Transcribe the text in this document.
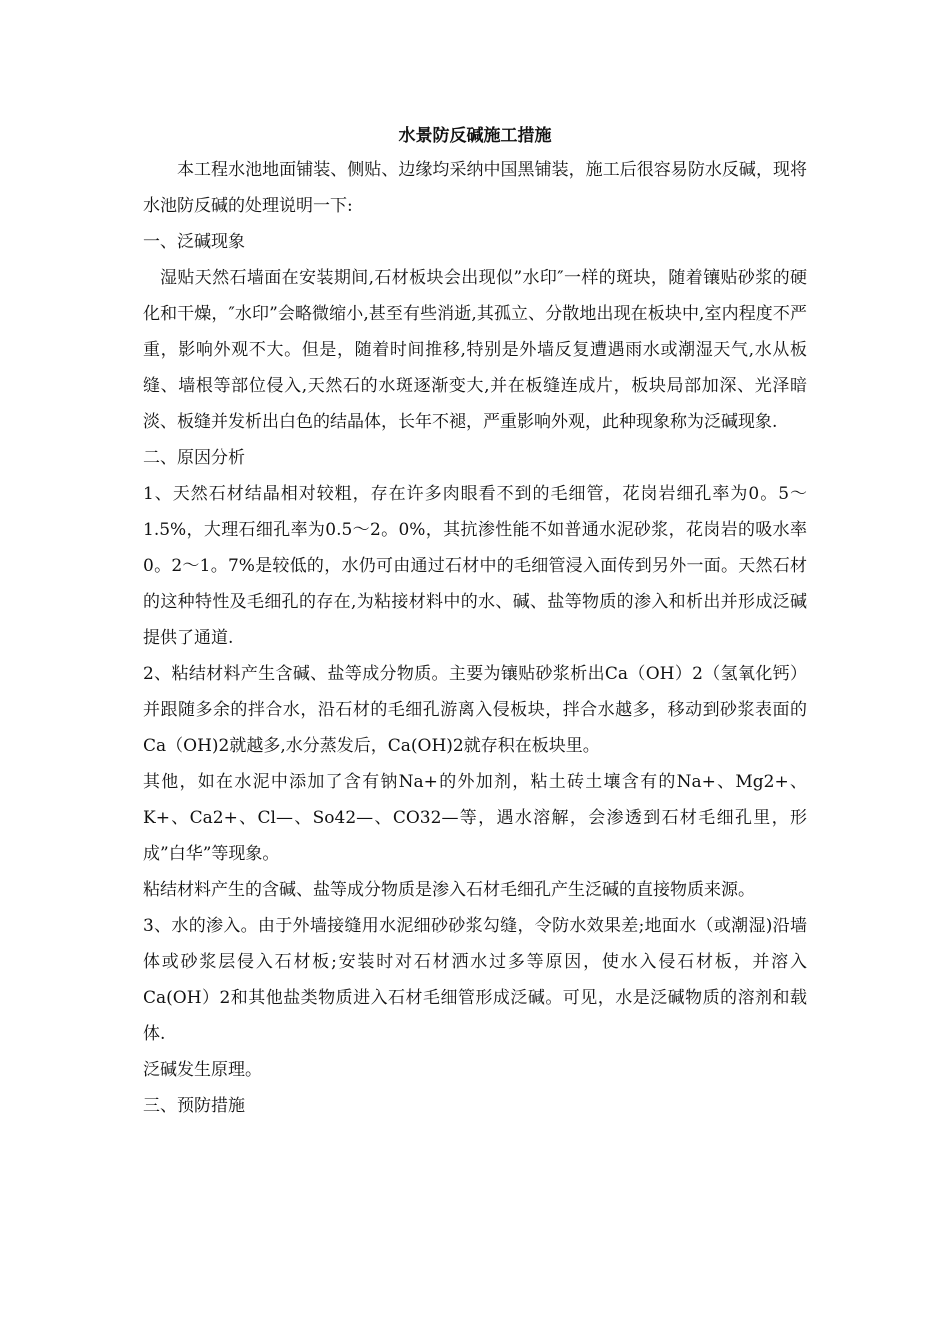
水景防反碱施工措施

本工程水池地面铺装、侧贴、边缘均采纳中国黑铺装，施工后很容易防水反碱，现将水池防反碱的处理说明一下:

一、泛碱现象

湿贴天然石墙面在安装期间,石材板块会出现似”水印″一样的斑块，随着镶贴砂浆的硬化和干燥，″水印”会略微缩小,甚至有些消逝,其孤立、分散地出现在板块中,室内程度不严重，影响外观不大。但是，随着时间推移,特别是外墙反复遭遇雨水或潮湿天气,水从板缝、墙根等部位侵入,天然石的水斑逐渐变大,并在板缝连成片，板块局部加深、光泽暗淡、板缝并发析出白色的结晶体，长年不褪，严重影响外观，此种现象称为泛碱现象.

二、原因分析

1、天然石材结晶相对较粗，存在许多肉眼看不到的毛细管，花岗岩细孔率为0。5～1.5%，大理石细孔率为0.5～2。0%，其抗渗性能不如普通水泥砂浆，花岗岩的吸水率0。2～1。7%是较低的，水仍可由通过石材中的毛细管浸入面传到另外一面。天然石材的这种特性及毛细孔的存在,为粘接材料中的水、碱、盐等物质的渗入和析出并形成泛碱提供了通道.

2、粘结材料产生含碱、盐等成分物质。主要为镶贴砂浆析出Ca（OH）2（氢氧化钙）并跟随多余的拌合水，沿石材的毛细孔游离入侵板块，拌合水越多，移动到砂浆表面的Ca（OH)2就越多,水分蒸发后，Ca(OH)2就存积在板块里。

其他，如在水泥中添加了含有钠Na+的外加剂，粘土砖土壤含有的Na+、Mg2+、K+、Ca2+、Cl—、So42—、CO32—等，遇水溶解，会渗透到石材毛细孔里，形成”白华”等现象。

粘结材料产生的含碱、盐等成分物质是渗入石材毛细孔产生泛碱的直接物质来源。

3、水的渗入。由于外墙接缝用水泥细砂砂浆勾缝，令防水效果差;地面水（或潮湿)沿墙体或砂浆层侵入石材板;安装时对石材洒水过多等原因，使水入侵石材板，并溶入Ca(OH）2和其他盐类物质进入石材毛细管形成泛碱。可见，水是泛碱物质的溶剂和载体.

泛碱发生原理。

三、预防措施
